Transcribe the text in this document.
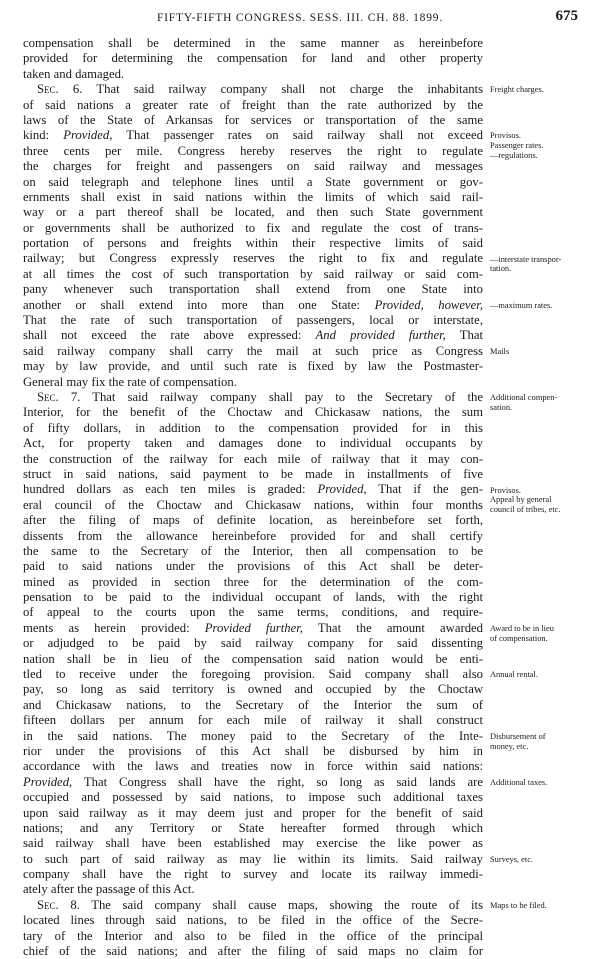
FIFTY-FIFTH CONGRESS. SESS. III. CH. 88. 1899.	675
compensation shall be determined in the same manner as hereinbefore
provided for determining the compensation for land and other property
taken and damaged.
Sec. 6. That said railway company shall not charge the inhabitants
of said nations a greater rate of freight than the rate authorized by the
laws of the State of Arkansas for services or transportation of the same
kind: Provided, That passenger rates on said railway shall not exceed
three cents per mile. Congress hereby reserves the right to regulate
the charges for freight and passengers on said railway and messages
on said telegraph and telephone lines until a State government or gov-
ernments shall exist in said nations within the limits of which said rail-
way or a part thereof shall be located, and then such State government
or governments shall be authorized to fix and regulate the cost of trans-
portation of persons and freights within their respective limits of said
railway; but Congress expressly reserves the right to fix and regulate
at all times the cost of such transportation by said railway or said com-
pany whenever such transportation shall extend from one State into
another or shall extend into more than one State: Provided, however,
That the rate of such transportation of passengers, local or interstate,
shall not exceed the rate above expressed: And provided further, That
said railway company shall carry the mail at such price as Congress
may by law provide, and until such rate is fixed by law the Postmaster-
General may fix the rate of compensation.
Sec. 7. That said railway company shall pay to the Secretary of the
Interior, for the benefit of the Choctaw and Chickasaw nations, the sum
of fifty dollars, in addition to the compensation provided for in this
Act, for property taken and damages done to individual occupants by
the construction of the railway for each mile of railway that it may con-
struct in said nations, said payment to be made in installments of five
hundred dollars as each ten miles is graded: Provided, That if the gen-
eral council of the Choctaw and Chickasaw nations, within four months
after the filing of maps of definite location, as hereinbefore set forth,
dissents from the allowance hereinbefore provided for and shall certify
the same to the Secretary of the Interior, then all compensation to be
paid to said nations under the provisions of this Act shall be deter-
mined as provided in section three for the determination of the com-
pensation to be paid to the individual occupant of lands, with the right
of appeal to the courts upon the same terms, conditions, and require-
ments as herein provided: Provided further, That the amount awarded
or adjudged to be paid by said railway company for said dissenting
nation shall be in lieu of the compensation said nation would be enti-
tled to receive under the foregoing provision. Said company shall also
pay, so long as said territory is owned and occupied by the Choctaw
and Chickasaw nations, to the Secretary of the Interior the sum of
fifteen dollars per annum for each mile of railway it shall construct
in the said nations. The money paid to the Secretary of the Inte-
rior under the provisions of this Act shall be disbursed by him in
accordance with the laws and treaties now in force within said nations:
Provided, That Congress shall have the right, so long as said lands are
occupied and possessed by said nations, to impose such additional taxes
upon said railway as it may deem just and proper for the benefit of said
nations; and any Territory or State hereafter formed through which
said railway shall have been established may exercise the like power as
to such part of said railway as may lie within its limits. Said railway
company shall have the right to survey and locate its railway immedi-
ately after the passage of this Act.
Sec. 8. The said company shall cause maps, showing the route of its
located lines through said nations, to be filed in the office of the Secre-
tary of the Interior and also to be filed in the office of the principal
chief of the said nations; and after the filing of said maps no claim for
Freight charges.
Provisos.
Passenger rates.
—regulations.
—interstate transpor-
tation.
—maximum rates.
Mails
Additional compen-
sation.
Provisos.
Appeal by general
council of tribes, etc.
Award to be in lieu
of compensation.
Annual rental.
Disbursement of
money, etc.
Additional taxes.
Surveys, etc.
Maps to be filed.
